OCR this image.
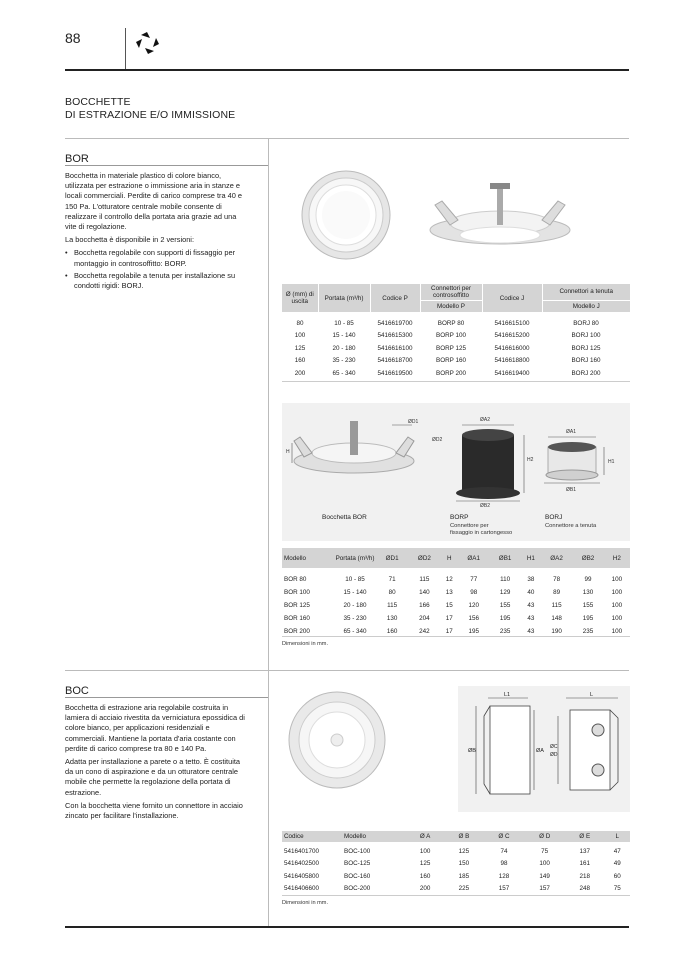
88
BOCCHETTE
DI ESTRAZIONE E/O IMMISSIONE
BOR

Bocchetta in materiale plastico di colore bianco, utilizzata per estrazione o immissione aria in stanze e locali commerciali. Perdite di carico comprese tra 40 e 150 Pa. L'otturatore centrale mobile consente di realizzare il controllo della portata aria grazie ad una vite di regolazione.

La bocchetta è disponibile in 2 versioni:

• Bocchetta regolabile con supporti di fissaggio per montaggio in controsoffitto: BORP.
• Bocchetta regolabile a tenuta per installazione su condotti rigidi: BORJ.
Ø (mm) di uscita	Portata (m³/h)	Codice P	Connettori per controsoffitto	Codice J	Connettori a tenuta
			Modello P		Modello J

80	10 - 85	5416619700	BORP 80	5416615100	BORJ 80
100	15 - 140	5416615300	BORP 100	5416615200	BORJ 100
125	20 - 180	5416616100	BORP 125	5416616000	BORJ 125
160	35 - 230	5416618700	BORP 160	5416618800	BORJ 160
200	65 - 340	5416619500	BORP 200	5416619400	BORJ 200
ØD1
ØD2
H
ØA2
ØB2
H2
ØA1
ØB1
H1
Bocchetta BOR	BORP
Connettore per
fissaggio in cartongesso
BORJ
Connettore a tenuta
Modello	Portata (m³/h)	ØD1	ØD2	H	ØA1	ØB1	H1	ØA2	ØB2	H2

BOR 80	10 - 85	71	115	12	77	110	38	78	99	100
BOR 100	15 - 140	80	140	13	98	129	40	89	130	100
BOR 125	20 - 180	115	166	15	120	155	43	115	155	100
BOR 160	35 - 230	130	204	17	156	195	43	148	195	100
BOR 200	65 - 340	160	242	17	195	235	43	190	235	100
Dimensioni in mm.
BOC

Bocchetta di estrazione aria regolabile costruita in lamiera di acciaio rivestita da verniciatura epossidica di colore bianco, per applicazioni residenziali e commerciali. Mantiene la portata d'aria costante con perdite di carico comprese tra 80 e 140 Pa.

Adatta per installazione a parete o a tetto. È costituita da un cono di aspirazione e da un otturatore centrale mobile che permette la regolazione della portata di estrazione.

Con la bocchetta viene fornito un connettore in acciaio zincato per facilitare l'installazione.

L1	L
ØB	ØA
ØC
ØD
Codice	Modello	Ø A	Ø B	Ø C	Ø D	Ø E	L

5416401700	BOC-100	100	125	74	75	137	47
5416402500	BOC-125	125	150	98	100	161	49
5416405800	BOC-160	160	185	128	149	218	60
5416406600	BOC-200	200	225	157	157	248	75
Dimensioni in mm.
